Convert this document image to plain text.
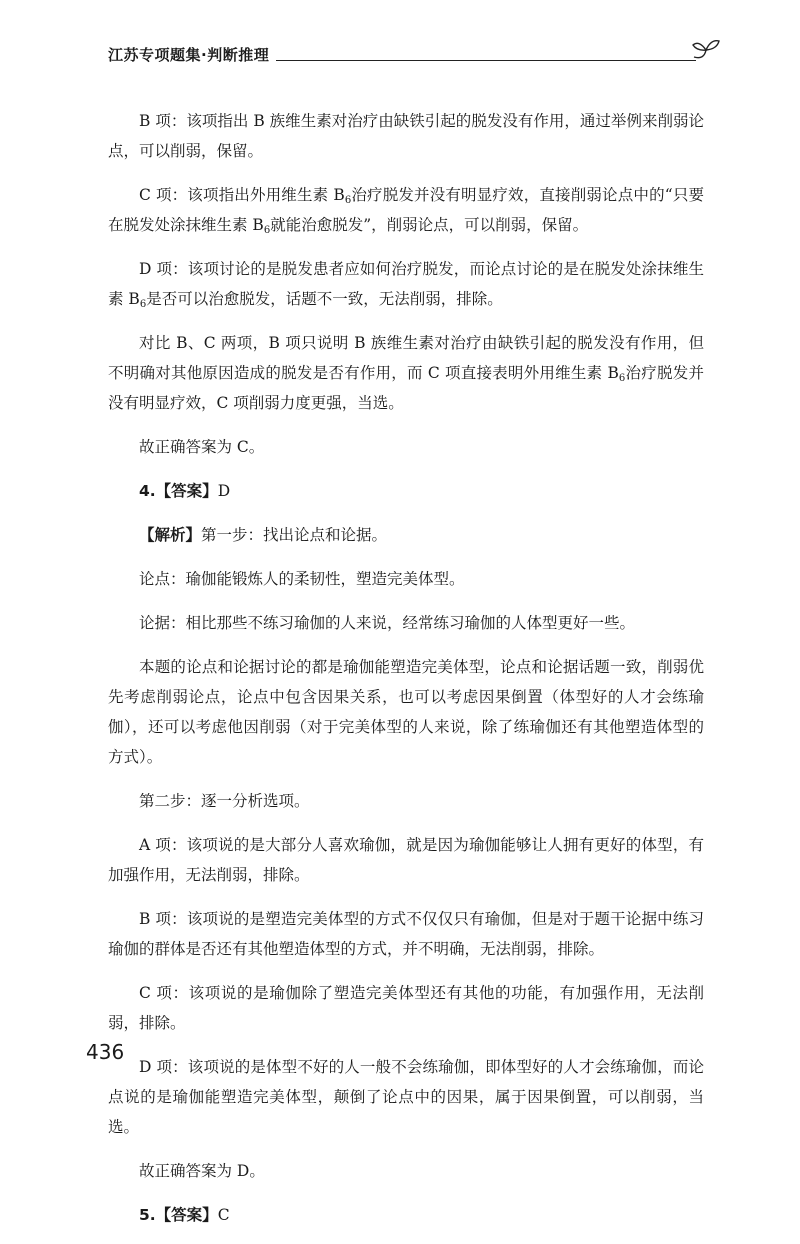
江苏专项题集·判断推理

B 项：该项指出 B 族维生素对治疗由缺铁引起的脱发没有作用，通过举例来削弱论点，可以削弱，保留。

C 项：该项指出外用维生素 $B_6$治疗脱发并没有明显疗效，直接削弱论点中的“只要在脱发处涂抹维生素 $B_6$就能治愈脱发”，削弱论点，可以削弱，保留。

D 项：该项讨论的是脱发患者应如何治疗脱发，而论点讨论的是在脱发处涂抹维生素 $B_6$是否可以治愈脱发，话题不一致，无法削弱，排除。

对比 B、C 两项，B 项只说明 B 族维生素对治疗由缺铁引起的脱发没有作用，但不明确对其他原因造成的脱发是否有作用，而 C 项直接表明外用维生素 $B_6$治疗脱发并没有明显疗效，C 项削弱力度更强，当选。

故正确答案为 C。

4.【答案】D

【解析】第一步：找出论点和论据。

论点：瑜伽能锻炼人的柔韧性，塑造完美体型。

论据：相比那些不练习瑜伽的人来说，经常练习瑜伽的人体型更好一些。

本题的论点和论据讨论的都是瑜伽能塑造完美体型，论点和论据话题一致，削弱优先考虑削弱论点，论点中包含因果关系，也可以考虑因果倒置（体型好的人才会练瑜伽），还可以考虑他因削弱（对于完美体型的人来说，除了练瑜伽还有其他塑造体型的方式）。

第二步：逐一分析选项。

A 项：该项说的是大部分人喜欢瑜伽，就是因为瑜伽能够让人拥有更好的体型，有加强作用，无法削弱，排除。

B 项：该项说的是塑造完美体型的方式不仅仅只有瑜伽，但是对于题干论据中练习瑜伽的群体是否还有其他塑造体型的方式，并不明确，无法削弱，排除。

C 项：该项说的是瑜伽除了塑造完美体型还有其他的功能，有加强作用，无法削弱，排除。

D 项：该项说的是体型不好的人一般不会练瑜伽，即体型好的人才会练瑜伽，而论点说的是瑜伽能塑造完美体型，颠倒了论点中的因果，属于因果倒置，可以削弱，当选。

故正确答案为 D。

5.【答案】C

436
